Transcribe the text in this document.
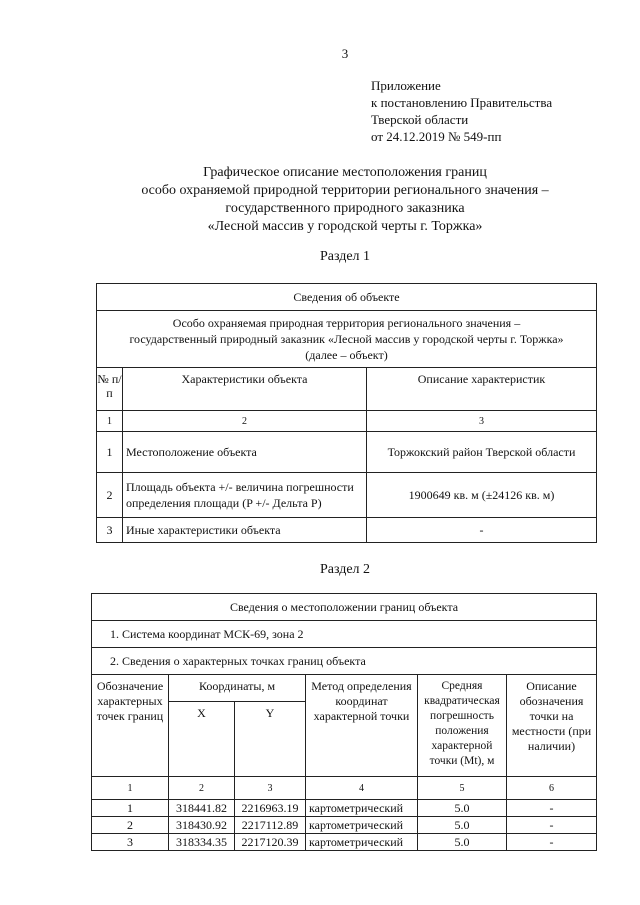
3
Приложение
к постановлению Правительства
Тверской области
от 24.12.2019 № 549-пп
Графическое описание местоположения границ
особо охраняемой природной территории регионального значения –
государственного природного заказника
«Лесной массив у городской черты г. Торжка»
Раздел 1
Сведения об объекте		

Особо охраняемая природная территория регионального значения –
государственный природный заказник «Лесной массив у городской черты г. Торжка»
(далее – объект)		

№ п/п	Характеристики объекта	Описание характеристик
1	2	3
1	Местоположение объекта	Торжокский район Тверской области
2	Площадь объекта +/- величина погрешности определения площади (P +/- Дельта P)	1900649 кв. м (±24126 кв. м)
3	Иные характеристики объекта	-
Раздел 2
Сведения о местоположении границ объекта					
1. Система координат МСК-69, зона 2					
2. Сведения о характерных точках границ объекта					
Обозначение характерных точек границ	Координаты, м		Метод определения координат характерной точки	Средняя квадратическая погрешность положения характерной точки (Mt), м	Описание обозначения точки на местности (при наличии)
	X	Y			
1	2	3	4	5	6
1	318441.82	2216963.19	картометрический	5.0	-
2	318430.92	2217112.89	картометрический	5.0	-
3	318334.35	2217120.39	картометрический	5.0	-
